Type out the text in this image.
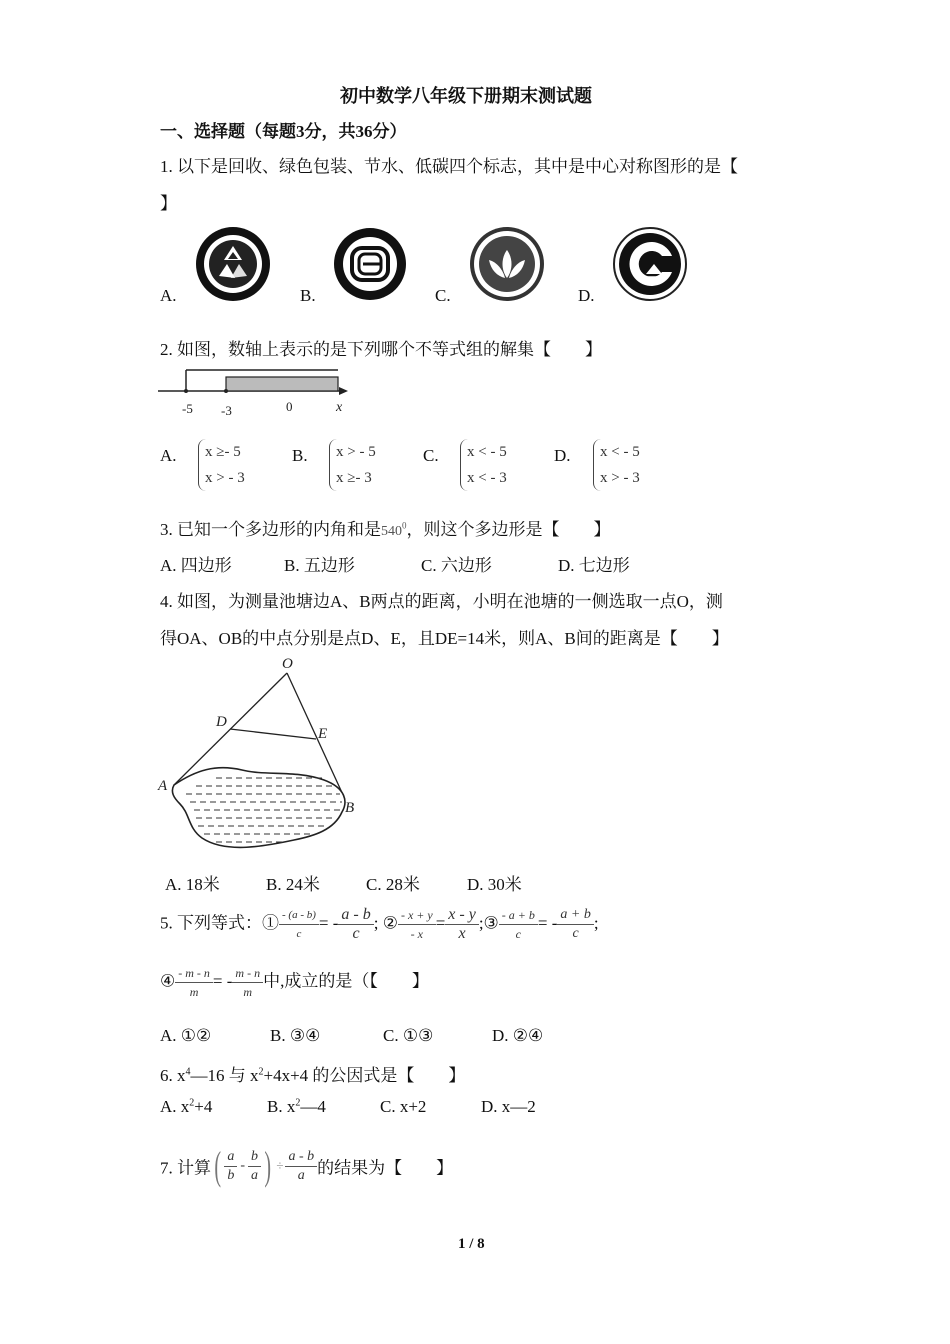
初中数学八年级下册期末测试题
一、选择题（每题3分，共36分）
1. 以下是回收、绿色包装、节水、低碳四个标志，其中是中心对称图形的是【
】
A.	B.	C.	D.
2. 如图，数轴上表示的是下列哪个不等式组的解集【　　】
-5 -3	0	x
A. x ≥- 5
x > - 3
B. x > - 5
x ≥- 3
C. x < - 5
x < - 3
D. x < - 5
x > - 3
3. 已知一个多边形的内角和是$540^0$，则这个多边形是【　　】
A. 四边形	B. 五边形	C. 六边形	D. 七边形
4. 如图，为测量池塘边A、B两点的距离，小明在池塘的一侧选取一点O，测
得OA、OB的中点分别是点D、E，且DE=14米，则A、B间的距离是【　　】
O
D
E
A
B
A. 18米	B. 24米	C. 28米	D. 30米
5. 下列等式：① $\frac{- (a - b)}{c}$ = - $\frac{a - b}{c}$ ; ② $\frac{- x + y}{- x} = \frac{x - y}{x}$ ;③ $\frac{- a + b}{c}$ = - $\frac{a + b}{c}$ ;
④ $\frac{- m - n}{m}$ = - $\frac{m - n}{m}$ 中,成立的是（【　　】
A. ①②	B. ③④	C. ①③	D. ②④
6. $x^4—16$ 与 $x^2+4x+4$ 的公因式是【　　】
A. $x^2+4$	B. $x^2—4$	C. x+2	D. x—2
7. 计算( $\frac{a}{b} - \frac{b}{a}$ ) ÷ $\frac{a - b}{a}$ 的结果为【　　】
1 / 8
